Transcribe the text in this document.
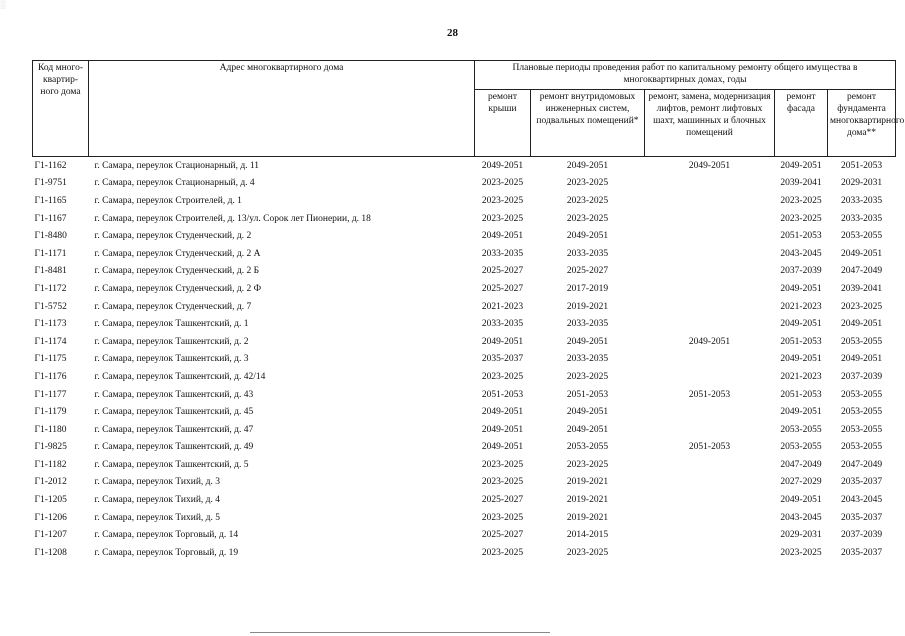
░
28
Код много-квартир-ного дома	Адрес многоквартирного дома	Плановые периоды проведения работ по капитальному ремонту общего имущества в многоквартирных домах, годы				
		ремонт крыши	ремонт внутридомовых инженерных систем, подвальных помещений*	ремонт, замена, модернизация лифтов, ремонт лифтовых шахт, машинных и блочных помещений	ремонт фасада	ремонт фундамента многоквартирного дома**
Г1-1162	г. Самара, переулок Стационарный, д. 11	2049-2051	2049-2051	2049-2051	2049-2051	2051-2053
Г1-9751	г. Самара, переулок Стационарный, д. 4	2023-2025	2023-2025		2039-2041	2029-2031
Г1-1165	г. Самара, переулок Строителей, д. 1	2023-2025	2023-2025		2023-2025	2033-2035
Г1-1167	г. Самара, переулок Строителей, д. 13/ул. Сорок лет Пионерии, д. 18	2023-2025	2023-2025		2023-2025	2033-2035
Г1-8480	г. Самара, переулок Студенческий, д. 2	2049-2051	2049-2051		2051-2053	2053-2055
Г1-1171	г. Самара, переулок Студенческий, д. 2 А	2033-2035	2033-2035		2043-2045	2049-2051
Г1-8481	г. Самара, переулок Студенческий, д. 2 Б	2025-2027	2025-2027		2037-2039	2047-2049
Г1-1172	г. Самара, переулок Студенческий, д. 2 Ф	2025-2027	2017-2019		2049-2051	2039-2041
Г1-5752	г. Самара, переулок Студенческий, д. 7	2021-2023	2019-2021		2021-2023	2023-2025
Г1-1173	г. Самара, переулок Ташкентский, д. 1	2033-2035	2033-2035		2049-2051	2049-2051
Г1-1174	г. Самара, переулок Ташкентский, д. 2	2049-2051	2049-2051	2049-2051	2051-2053	2053-2055
Г1-1175	г. Самара, переулок Ташкентский, д. 3	2035-2037	2033-2035		2049-2051	2049-2051
Г1-1176	г. Самара, переулок Ташкентский, д. 42/14	2023-2025	2023-2025		2021-2023	2037-2039
Г1-1177	г. Самара, переулок Ташкентский, д. 43	2051-2053	2051-2053	2051-2053	2051-2053	2053-2055
Г1-1179	г. Самара, переулок Ташкентский, д. 45	2049-2051	2049-2051		2049-2051	2053-2055
Г1-1180	г. Самара, переулок Ташкентский, д. 47	2049-2051	2049-2051		2053-2055	2053-2055
Г1-9825	г. Самара, переулок Ташкентский, д. 49	2049-2051	2053-2055	2051-2053	2053-2055	2053-2055
Г1-1182	г. Самара, переулок Ташкентский, д. 5	2023-2025	2023-2025		2047-2049	2047-2049
Г1-2012	г. Самара, переулок Тихий, д. 3	2023-2025	2019-2021		2027-2029	2035-2037
Г1-1205	г. Самара, переулок Тихий, д. 4	2025-2027	2019-2021		2049-2051	2043-2045
Г1-1206	г. Самара, переулок Тихий, д. 5	2023-2025	2019-2021		2043-2045	2035-2037
Г1-1207	г. Самара, переулок Торговый, д. 14	2025-2027	2014-2015		2029-2031	2037-2039
Г1-1208	г. Самара, переулок Торговый, д. 19	2023-2025	2023-2025		2023-2025	2035-2037
